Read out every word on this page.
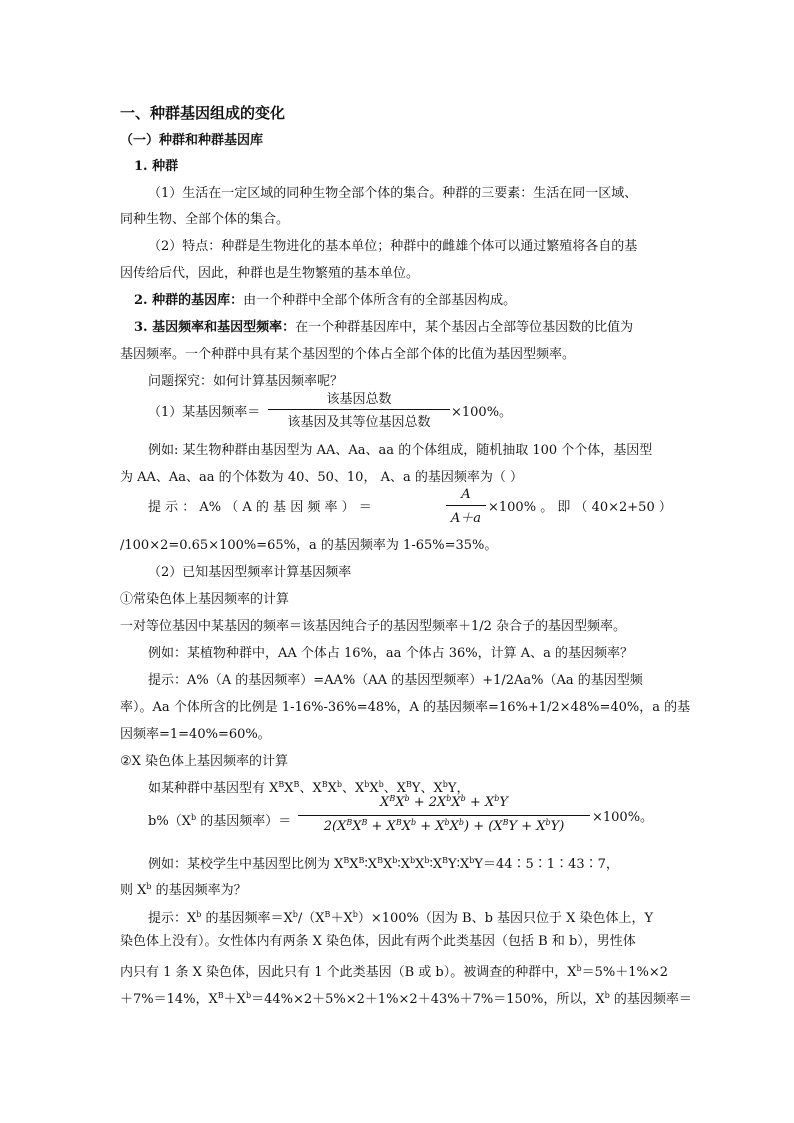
一、种群基因组成的变化
（一）种群和种群基因库
1. 种群
（1）生活在一定区域的同种生物全部个体的集合。种群的三要素：生活在同一区域、
同种生物、全部个体的集合。
（2）特点：种群是生物进化的基本单位；种群中的雌雄个体可以通过繁殖将各自的基
因传给后代，因此，种群也是生物繁殖的基本单位。
2. 种群的基因库：由一个种群中全部个体所含有的全部基因构成。
3. 基因频率和基因型频率：在一个种群基因库中，某个基因占全部等位基因数的比值为
基因频率。一个种群中具有某个基因型的个体占全部个体的比值为基因型频率。
问题探究：如何计算基因频率呢？
（1）某基因频率＝
该基因总数
该基因及其等位基因总数
×100%。
例如: 某生物种群由基因型为 AA、Aa、aa 的个体组成，随机抽取 100 个个体，基因型
为 AA、Aa、aa 的个体数为 40、50、10， A、a 的基因频率为（ ）
提 示 ： A% （ A 的 基 因 频 率 ） ＝
A
A＋a
×100% 。 即 （ 40×2+50 ）
/100×2=0.65×100%=65%，a 的基因频率为 1-65%=35%。
（2）已知基因型频率计算基因频率
①常染色体上基因频率的计算
一对等位基因中某基因的频率＝该基因纯合子的基因型频率＋1/2 杂合子的基因型频率。
例如：某植物种群中，AA 个体占 16%，aa 个体占 36%，计算 A、a 的基因频率？
提示：A%（A 的基因频率）=AA%（AA 的基因型频率）+1/2Aa%（Aa 的基因型频
率）。Aa 个体所含的比例是 1-16%-36%=48%，A 的基因频率=16%+1/2×48%=40%，a 的基
因频率=1=40%=60%。
②X 染色体上基因频率的计算
如某种群中基因型有 $X^BX^B$、$X^BX^b$、$X^bX^b$、$X^BY$、$X^bY$，
$b\%(X^b$ 的基因频率）＝
$X^BX^b + 2X^bX^b + X^bY$
$2(X^BX^B + X^BX^b + X^bX^b) + (X^BY + X^bY)$
×100%。
例如：某校学生中基因型比例为 $X^BX^B∶X^BX^b∶X^bX^b∶X^BY∶X^bY=44∶5∶1∶43∶7$，
则 $X^b$ 的基因频率为？
提示：$X^b$ 的基因频率$=X^b/(X^B+X^b)\times 100\%$（因为 B、b 基因只位于 X 染色体上，Y
染色体上没有）。女性体内有两条 X 染色体，因此有两个此类基因（包括 B 和 b），男性体
内只有 1 条 X 染色体，因此只有 1 个此类基因（B 或 b）。被调查的种群中，$X^b=5\%+1\%\times 2$
＋7%＝14%，$X^B+X^b=44\%\times 2+5\%\times 2+1\%\times 2+43\%+7\%=150\%$，所以，$X^b$ 的基因频率＝
